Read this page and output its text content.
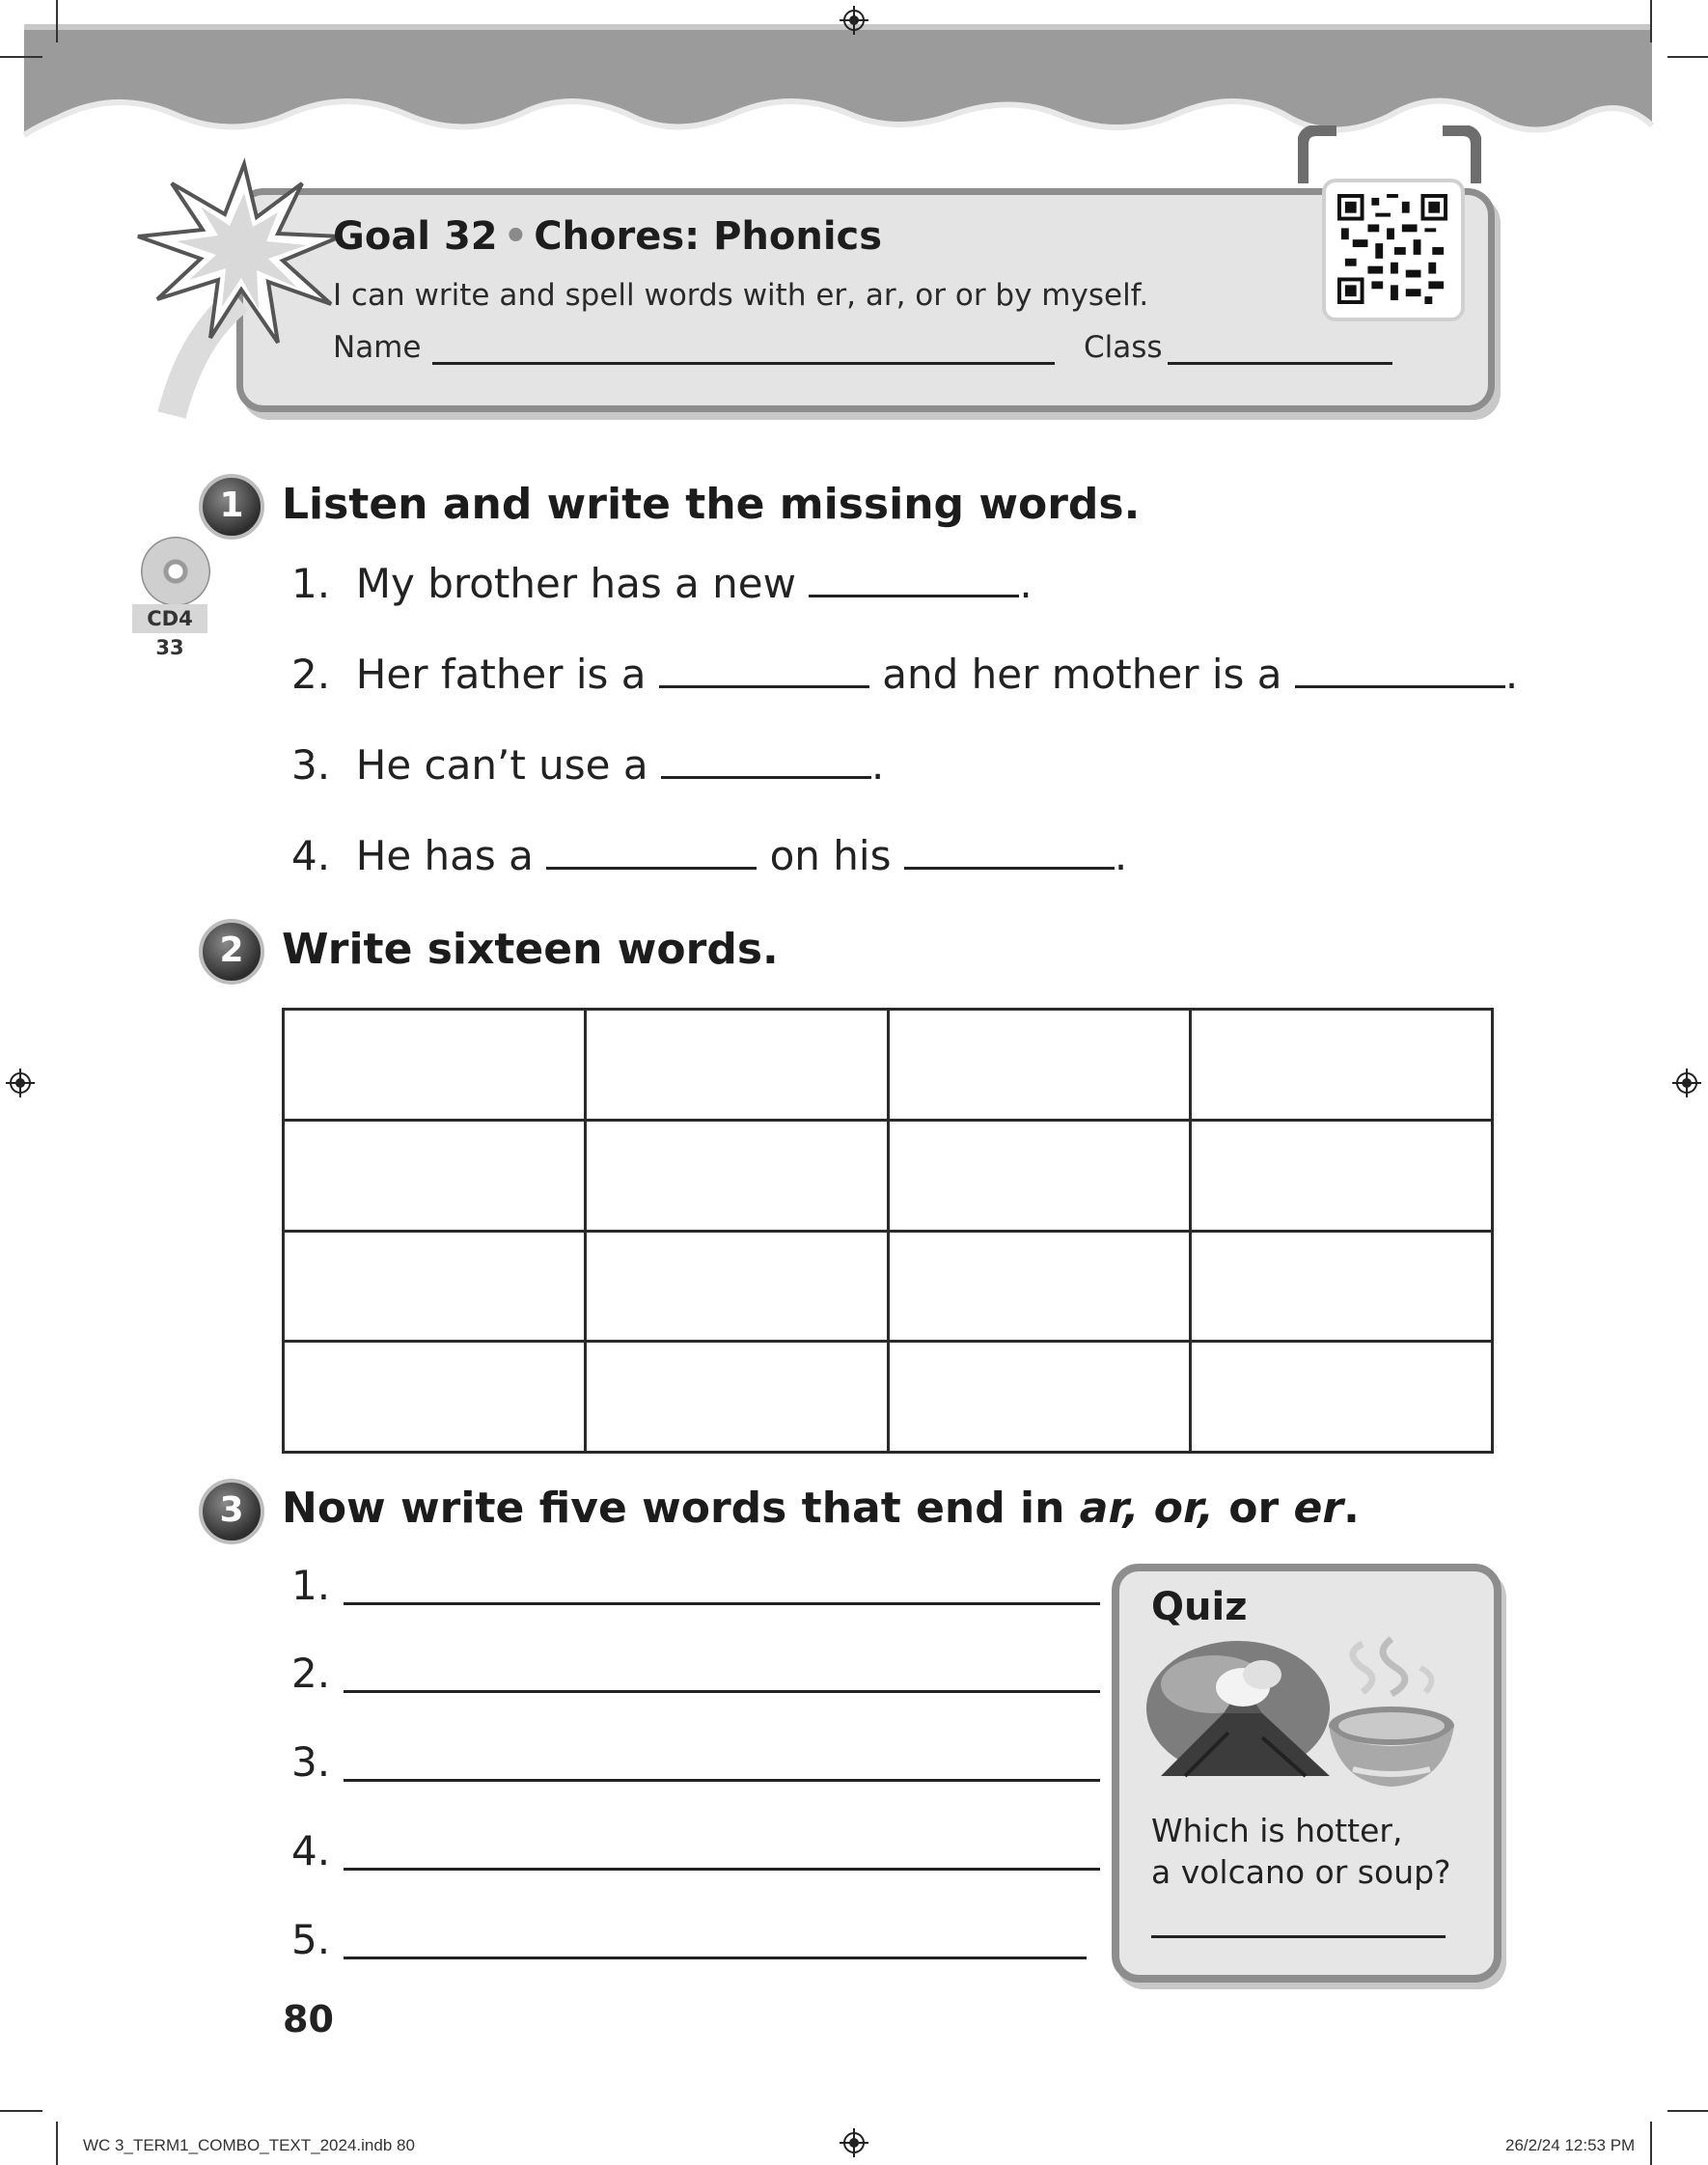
Goal 32 • Chores: Phonics
I can write and spell words with er, ar, or or by myself.
Name	Class
1 Listen and write the missing words.
CD4 33
1. My brother has a new	.
2. Her father is a	and her mother is a	.
3. He can’t use a	.
4. He has a	on his	.
2 Write sixteen words.

3 Now write five words that end in ar, or, or er.
1.
2.
3.
4.
5.
Quiz
Which is hotter,
a volcano or soup?
80
WC 3_TERM1_COMBO_TEXT_2024.indb 80	26/2/24 12:53 PM
